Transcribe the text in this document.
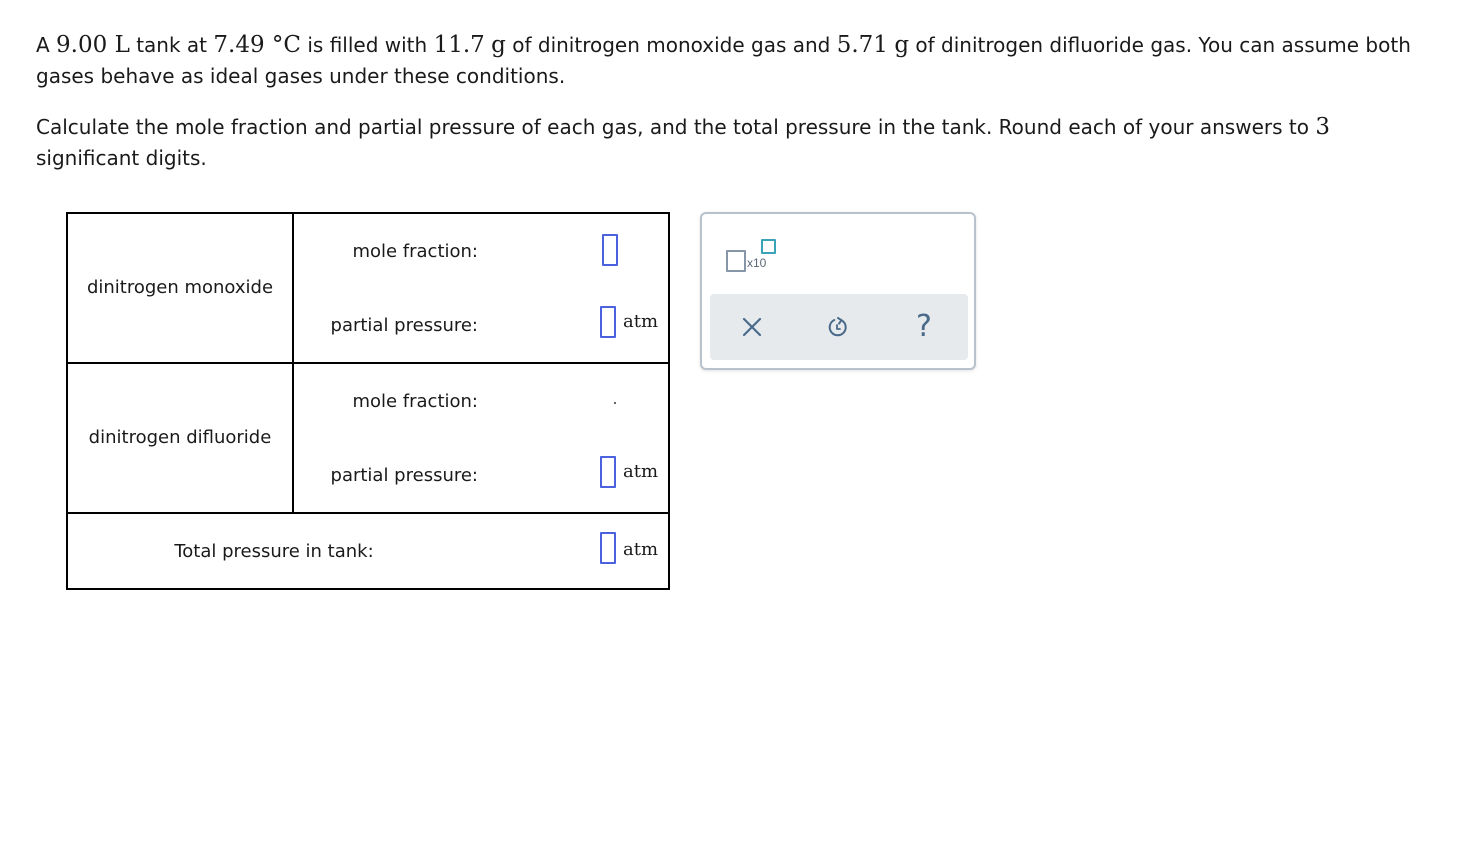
A 9.00 L tank at 7.49 °C is filled with 11.7 g of dinitrogen monoxide gas and 5.71 g of dinitrogen difluoride gas. You can assume both gases behave as ideal gases under these conditions.

Calculate the mole fraction and partial pressure of each gas, and the total pressure in the tank. Round each of your answers to 3 significant digits.

dinitrogen monoxide
mole fraction:
partial pressure:	atm
dinitrogen difluoride
mole fraction:
partial pressure:	atm
Total pressure in tank:	atm
x10
?
